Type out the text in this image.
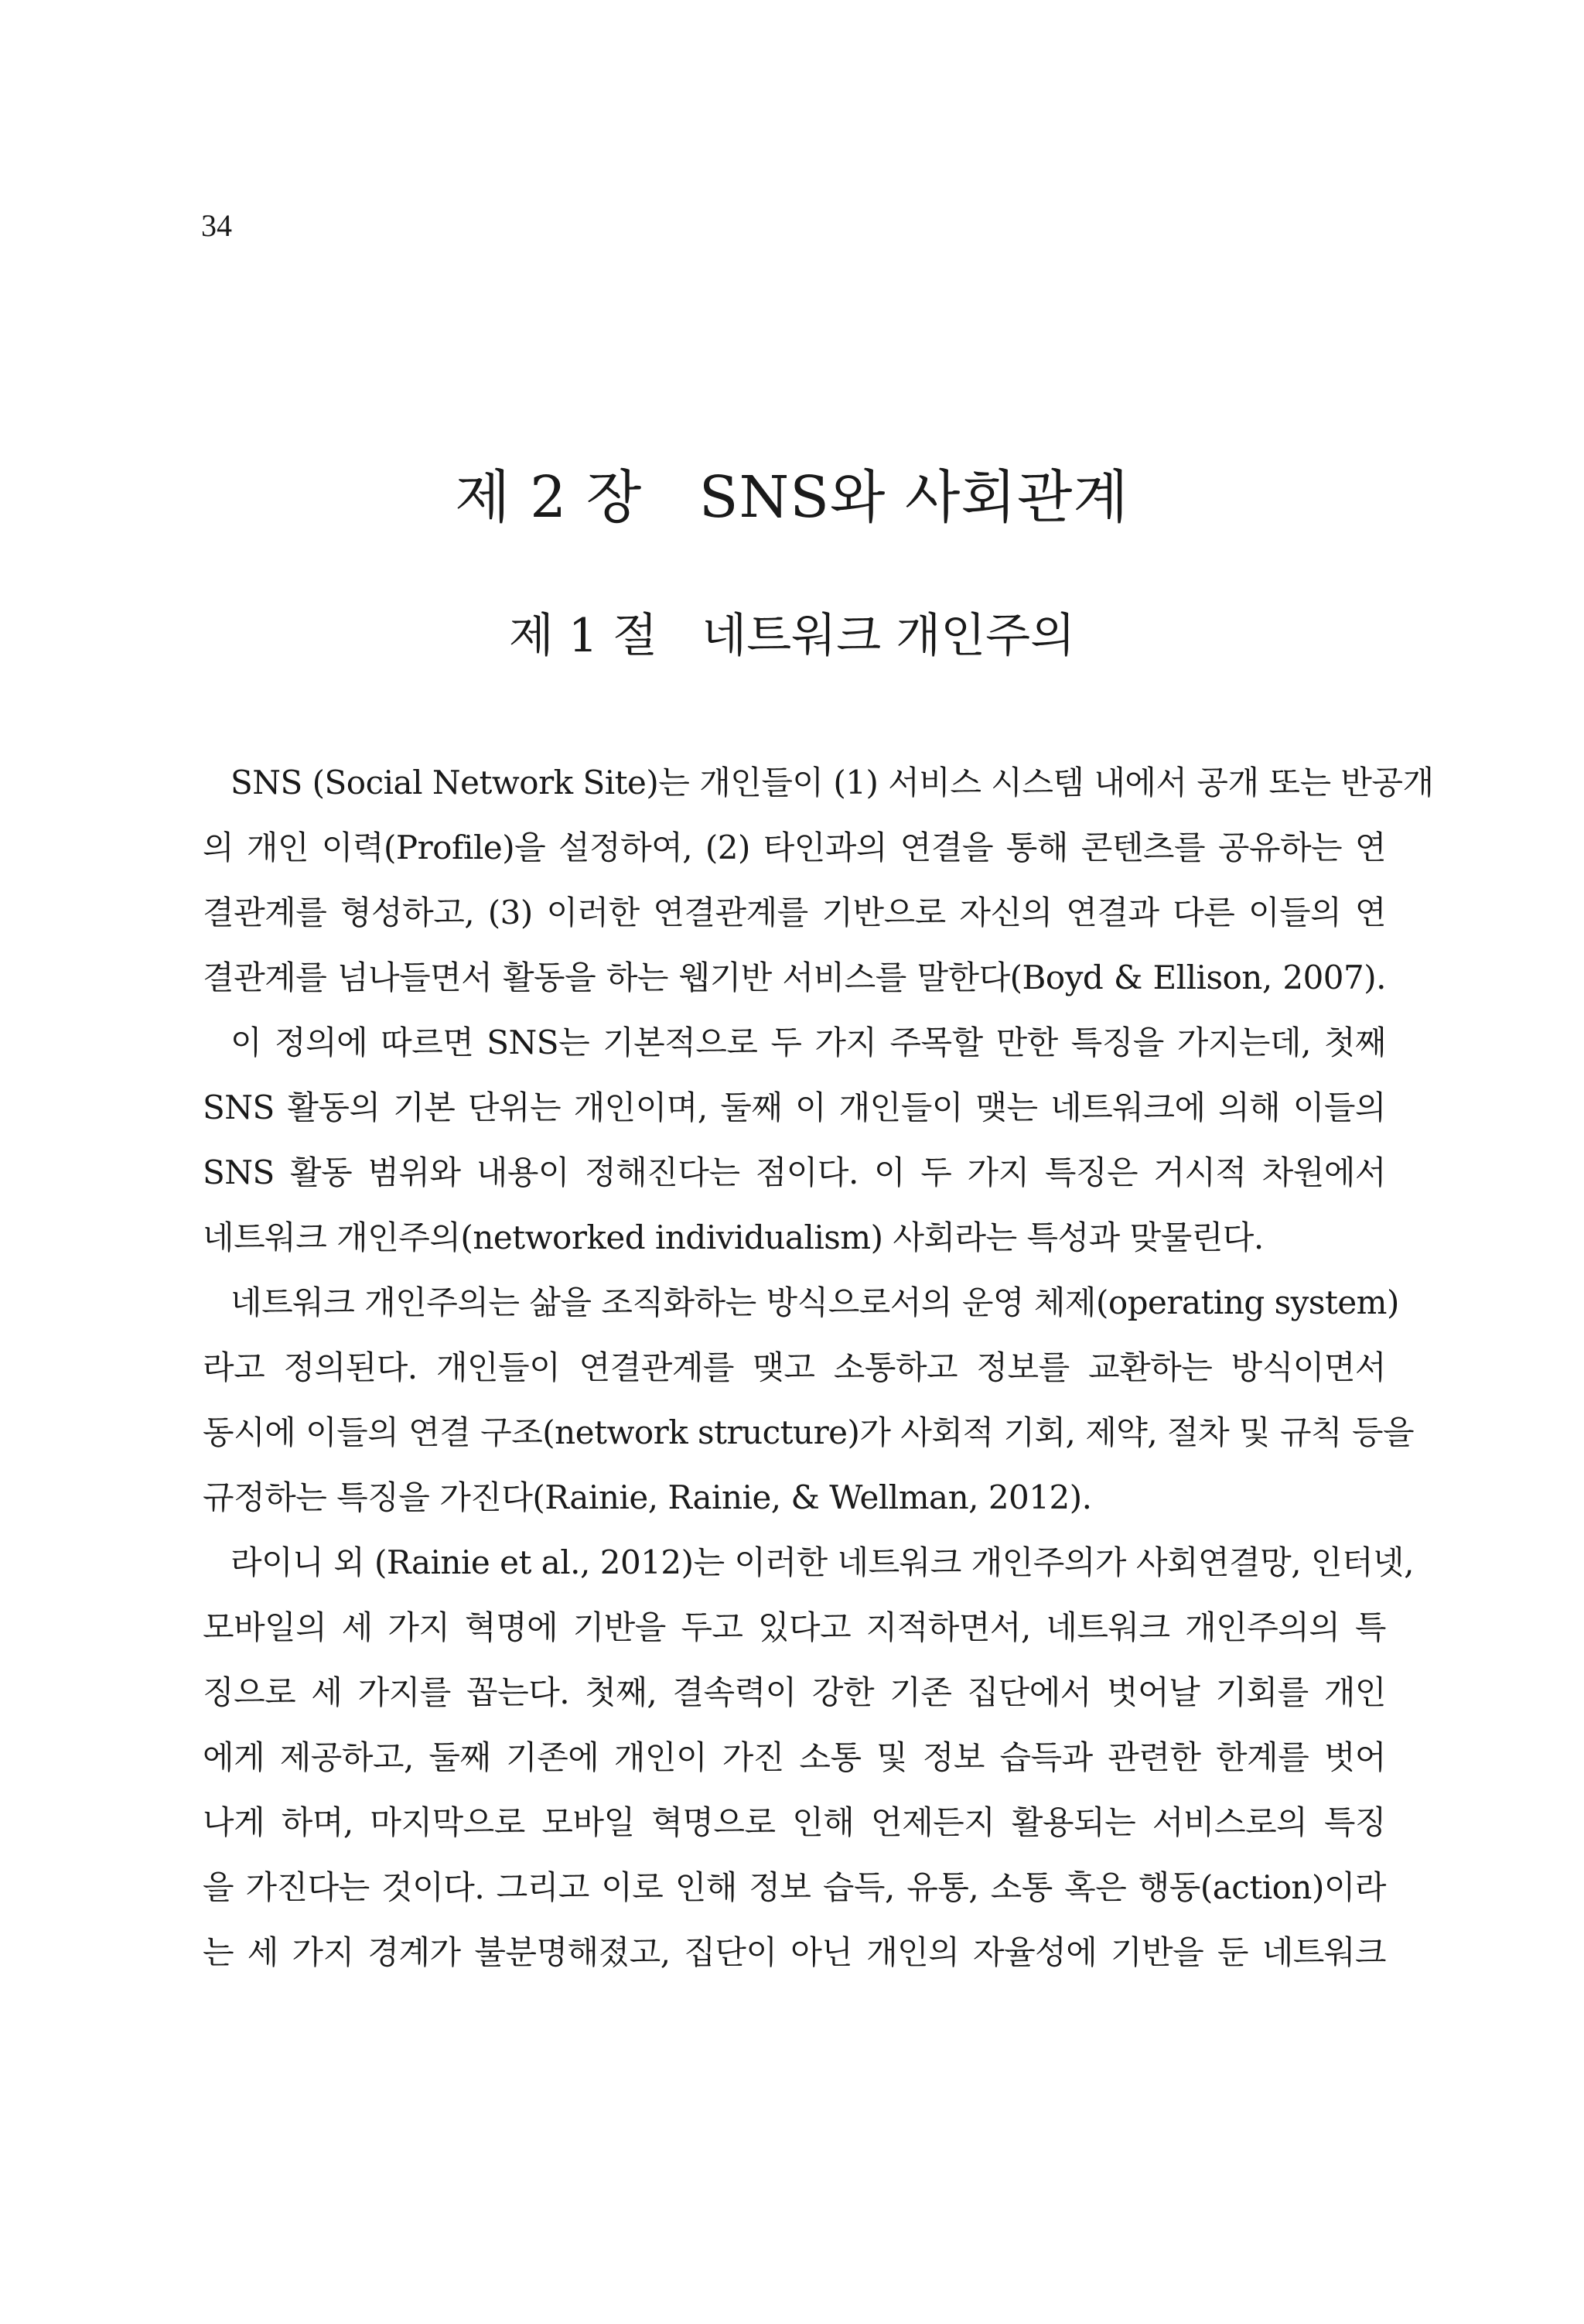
34
제 2 장   SNS와 사회관계
제 1 절   네트워크 개인주의
SNS (Social Network Site)는 개인들이 (1) 서비스 시스템 내에서 공개 또는 반공개
의 개인 이력(Profile)을 설정하여, (2) 타인과의 연결을 통해 콘텐츠를 공유하는 연
결관계를 형성하고, (3) 이러한 연결관계를 기반으로 자신의 연결과 다른 이들의 연
결관계를 넘나들면서 활동을 하는 웹기반 서비스를 말한다(Boyd & Ellison, 2007).
이 정의에 따르면 SNS는 기본적으로 두 가지 주목할 만한 특징을 가지는데, 첫째
SNS 활동의 기본 단위는 개인이며, 둘째 이 개인들이 맺는 네트워크에 의해 이들의
SNS 활동 범위와 내용이 정해진다는 점이다. 이 두 가지 특징은 거시적 차원에서
네트워크 개인주의(networked individualism) 사회라는 특성과 맞물린다.
네트워크 개인주의는 삶을 조직화하는 방식으로서의 운영 체제(operating system)
라고 정의된다. 개인들이 연결관계를 맺고 소통하고 정보를 교환하는 방식이면서
동시에 이들의 연결 구조(network structure)가 사회적 기회, 제약, 절차 및 규칙 등을
규정하는 특징을 가진다(Rainie, Rainie, & Wellman, 2012).
라이니 외 (Rainie et al., 2012)는 이러한 네트워크 개인주의가 사회연결망, 인터넷,
모바일의 세 가지 혁명에 기반을 두고 있다고 지적하면서, 네트워크 개인주의의 특
징으로 세 가지를 꼽는다. 첫째, 결속력이 강한 기존 집단에서 벗어날 기회를 개인
에게 제공하고, 둘째 기존에 개인이 가진 소통 및 정보 습득과 관련한 한계를 벗어
나게 하며, 마지막으로 모바일 혁명으로 인해 언제든지 활용되는 서비스로의 특징
을 가진다는 것이다. 그리고 이로 인해 정보 습득, 유통, 소통 혹은 행동(action)이라
는 세 가지 경계가 불분명해졌고, 집단이 아닌 개인의 자율성에 기반을 둔 네트워크
